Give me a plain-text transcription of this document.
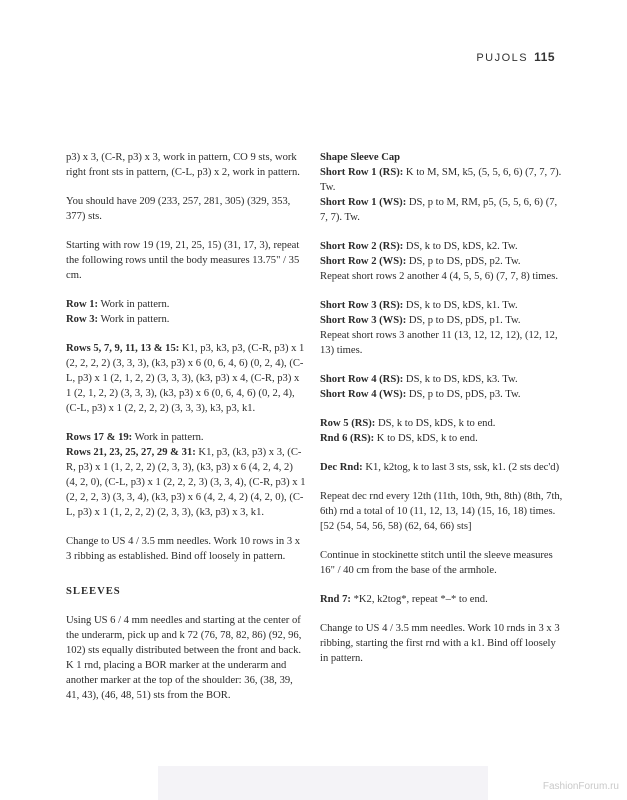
PUJOLS 115

p3) x 3, (C-R, p3) x 3, work in pattern, CO 9 sts, work right front sts in pattern, (C-L, p3) x 2, work in pattern.

You should have 209 (233, 257, 281, 305) (329, 353, 377) sts.

Starting with row 19 (19, 21, 25, 15) (31, 17, 3), repeat the following rows until the body measures 13.75" / 35 cm.

Row 1: Work in pattern.

Row 3: Work in pattern.

Rows 5, 7, 9, 11, 13 & 15: K1, p3, k3, p3, (C-R, p3) x 1 (2, 2, 2, 2) (3, 3, 3), (k3, p3) x 6 (0, 6, 4, 6) (0, 2, 4), (C-L, p3) x 1 (2, 1, 2, 2) (3, 3, 3), (k3, p3) x 4, (C-R, p3) x 1 (2, 1, 2, 2) (3, 3, 3), (k3, p3) x 6 (0, 6, 4, 6) (0, 2, 4), (C-L, p3) x 1 (2, 2, 2, 2) (3, 3, 3), k3, p3, k1.

Rows 17 & 19: Work in pattern.

Rows 21, 23, 25, 27, 29 & 31: K1, p3, (k3, p3) x 3, (C-R, p3) x 1 (1, 2, 2, 2) (2, 3, 3), (k3, p3) x 6 (4, 2, 4, 2) (4, 2, 0), (C-L, p3) x 1 (2, 2, 2, 3) (3, 3, 4), (C-R, p3) x 1 (2, 2, 2, 3) (3, 3, 4), (k3, p3) x 6 (4, 2, 4, 2) (4, 2, 0), (C-L, p3) x 1 (1, 2, 2, 2) (2, 3, 3), (k3, p3) x 3, k1.

Change to US 4 / 3.5 mm needles. Work 10 rows in 3 x 3 ribbing as established. Bind off loosely in pattern.

SLEEVES

Using US 6 / 4 mm needles and starting at the center of the underarm, pick up and k 72 (76, 78, 82, 86) (92, 96, 102) sts equally distributed between the front and back. K 1 rnd, placing a BOR marker at the underarm and another marker at the top of the shoulder: 36, (38, 39, 41, 43), (46, 48, 51) sts from the BOR.

Shape Sleeve Cap

Short Row 1 (RS): K to M, SM, k5, (5, 5, 6, 6) (7, 7, 7). Tw.

Short Row 1 (WS): DS, p to M, RM, p5, (5, 5, 6, 6) (7, 7, 7). Tw.

Short Row 2 (RS): DS, k to DS, kDS, k2. Tw.

Short Row 2 (WS): DS, p to DS, pDS, p2. Tw.

Repeat short rows 2 another 4 (4, 5, 5, 6) (7, 7, 8) times.

Short Row 3 (RS): DS, k to DS, kDS, k1. Tw.

Short Row 3 (WS): DS, p to DS, pDS, p1. Tw.

Repeat short rows 3 another 11 (13, 12, 12, 12), (12, 12, 13) times.

Short Row 4 (RS): DS, k to DS, kDS, k3. Tw.

Short Row 4 (WS): DS, p to DS, pDS, p3. Tw.

Row 5 (RS): DS, k to DS, kDS, k to end.

Rnd 6 (RS): K to DS, kDS, k to end.

Dec Rnd: K1, k2tog, k to last 3 sts, ssk, k1. (2 sts dec'd)

Repeat dec rnd every 12th (11th, 10th, 9th, 8th) (8th, 7th, 6th) rnd a total of 10 (11, 12, 13, 14) (15, 16, 18) times. [52 (54, 54, 56, 58) (62, 64, 66) sts]

Continue in stockinette stitch until the sleeve measures 16" / 40 cm from the base of the armhole.

Rnd 7: *K2, k2tog*, repeat *–* to end.

Change to US 4 / 3.5 mm needles. Work 10 rnds in 3 x 3 ribbing, starting the first rnd with a k1. Bind off loosely in pattern.

FashionForum.ru
